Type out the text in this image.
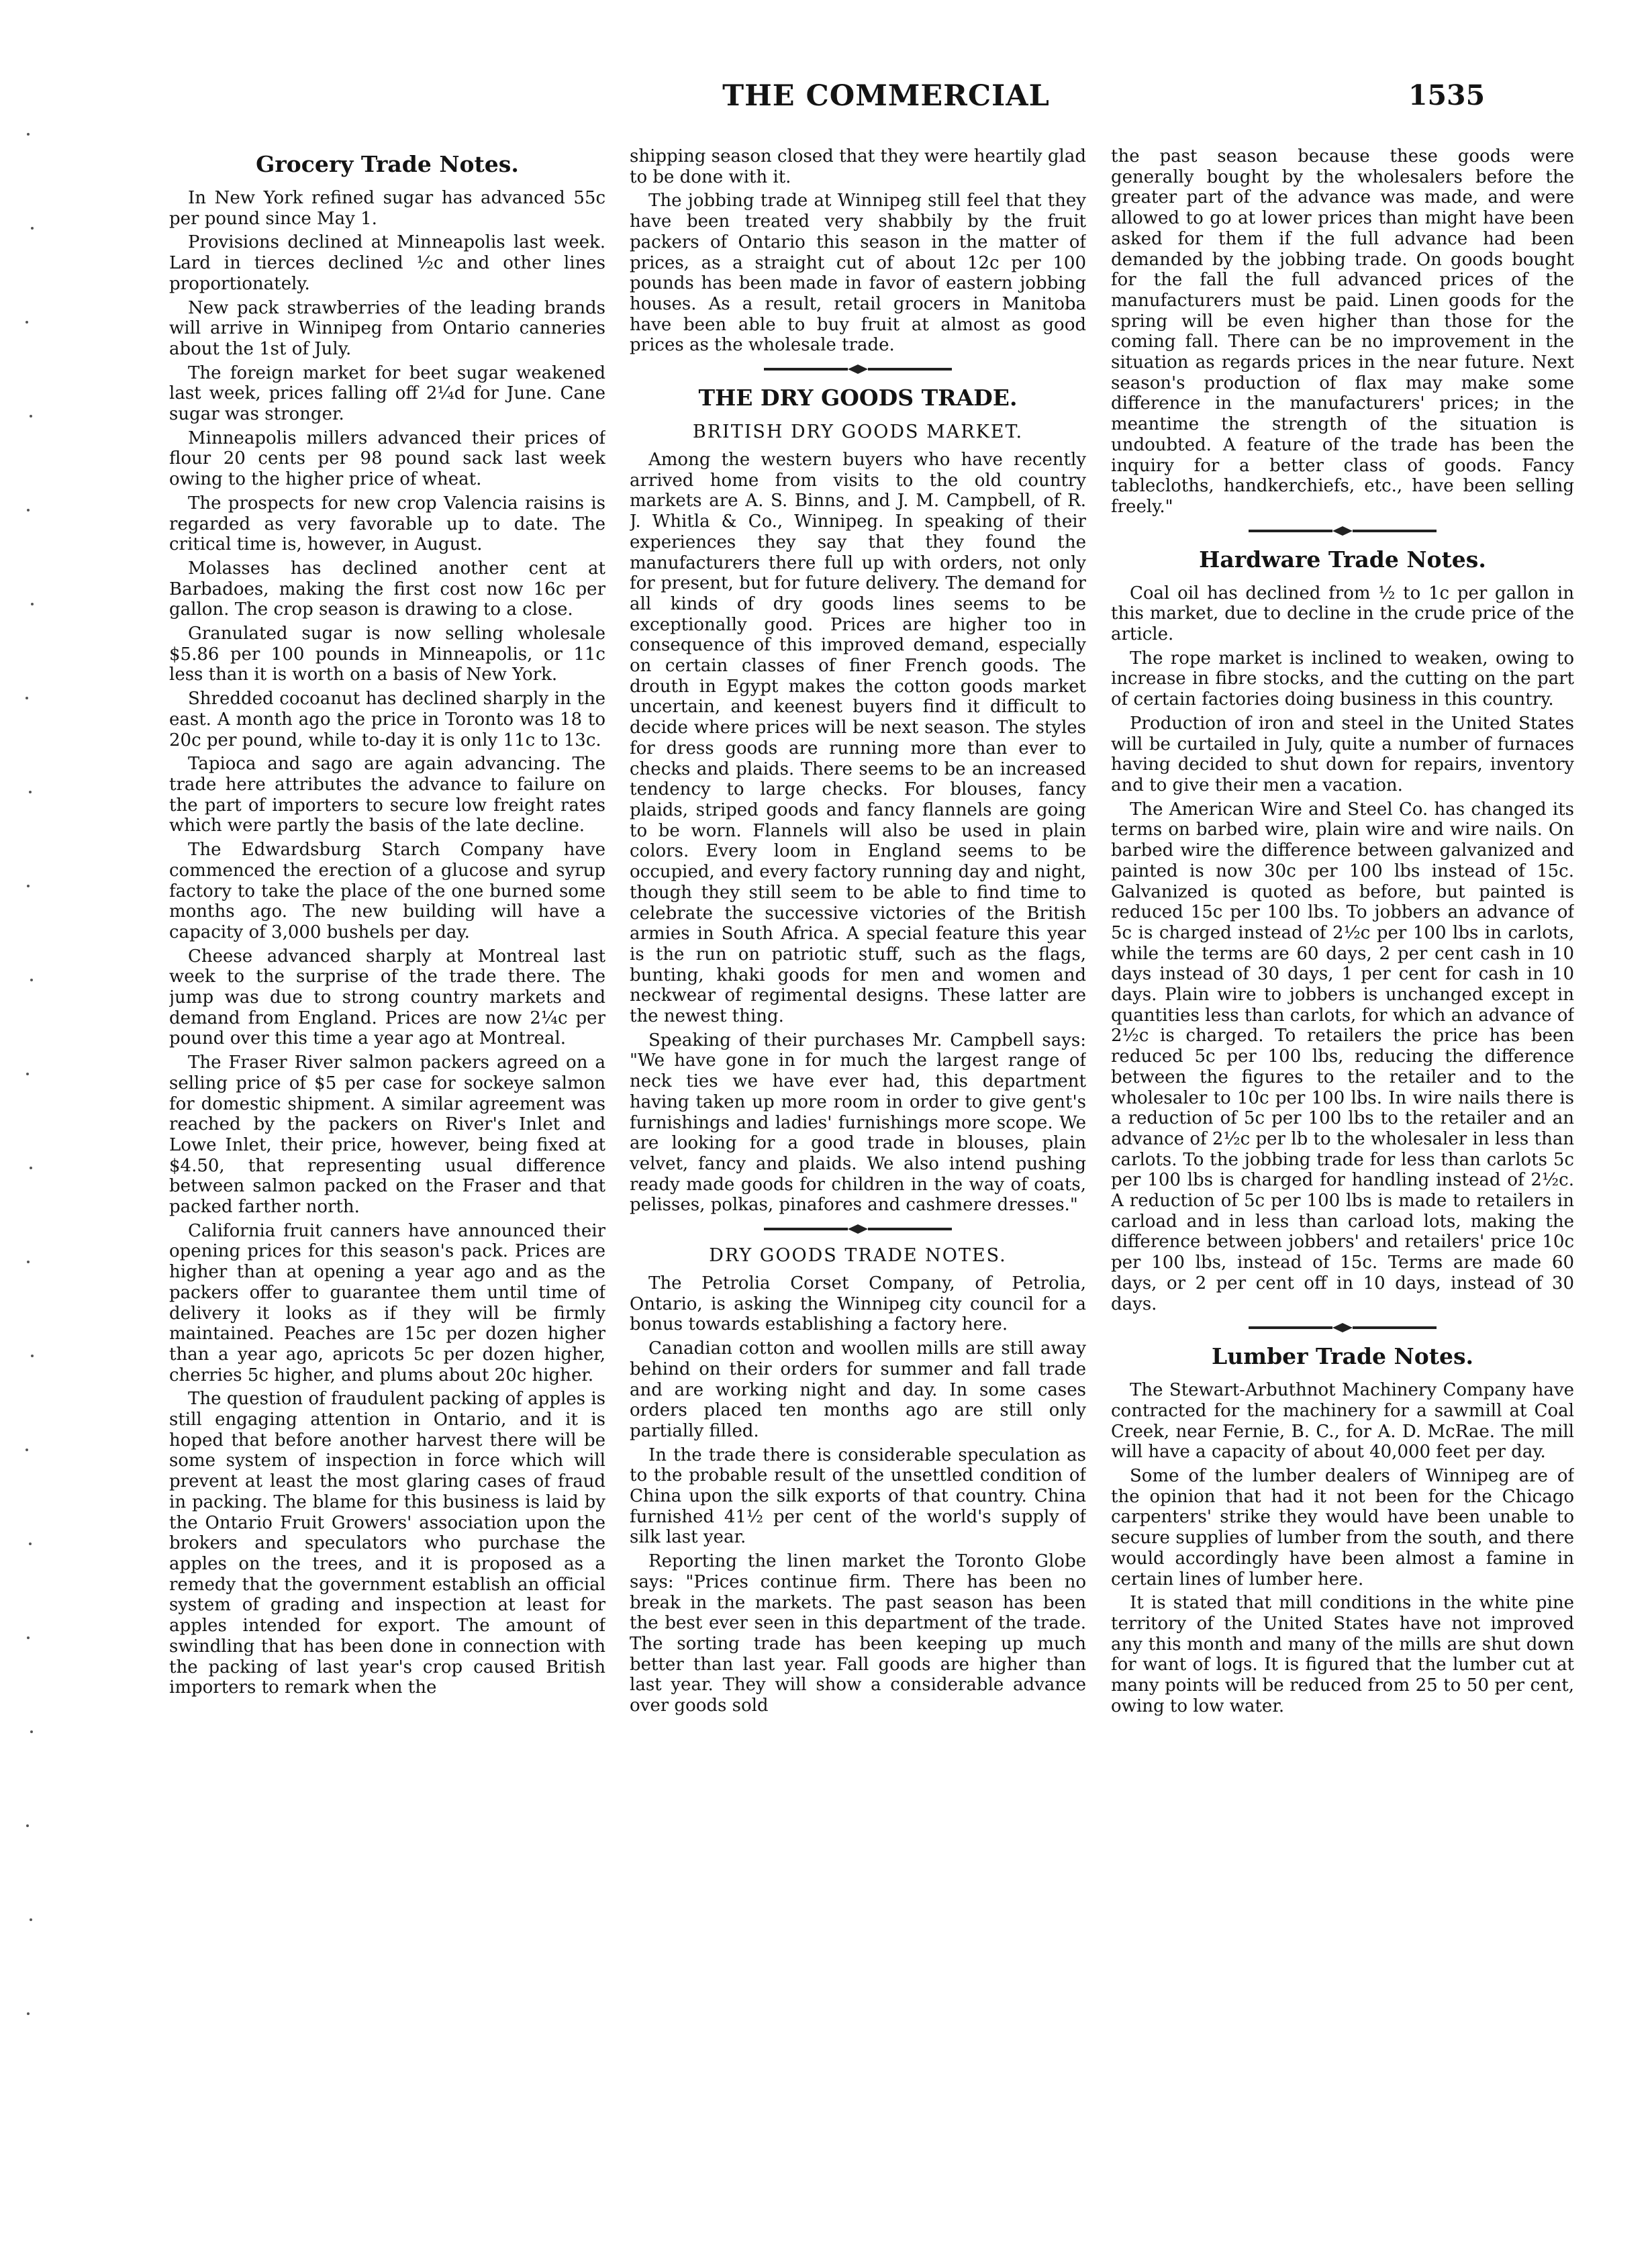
THE COMMERCIAL	1535
Grocery Trade Notes.

In New York refined sugar has advanced 55c per pound since May 1.

Provisions declined at Minneapolis last week. Lard in tierces declined ½c and other lines proportionately.

New pack strawberries of the leading brands will arrive in Winnipeg from Ontario canneries about the 1st of July.

The foreign market for beet sugar weakened last week, prices falling off 2¼d for June. Cane sugar was stronger.

Minneapolis millers advanced their prices of flour 20 cents per 98 pound sack last week owing to the higher price of wheat.

The prospects for new crop Valencia raisins is regarded as very favorable up to date. The critical time is, however, in August.

Molasses has declined another cent at Barbadoes, making the first cost now 16c per gallon. The crop season is drawing to a close.

Granulated sugar is now selling wholesale $5.86 per 100 pounds in Minneapolis, or 11c less than it is worth on a basis of New York.

Shredded cocoanut has declined sharply in the east. A month ago the price in Toronto was 18 to 20c per pound, while to-day it is only 11c to 13c.

Tapioca and sago are again advancing. The trade here attributes the advance to failure on the part of importers to secure low freight rates which were partly the basis of the late decline.

The Edwardsburg Starch Company have commenced the erection of a glucose and syrup factory to take the place of the one burned some months ago. The new building will have a capacity of 3,000 bushels per day.

Cheese advanced sharply at Montreal last week to the surprise of the trade there. The jump was due to strong country markets and demand from England. Prices are now 2¼c per pound over this time a year ago at Montreal.

The Fraser River salmon packers agreed on a selling price of $5 per case for sockeye salmon for domestic shipment. A similar agreement was reached by the packers on River's Inlet and Lowe Inlet, their price, however, being fixed at $4.50, that representing usual difference between salmon packed on the Fraser and that packed farther north.

California fruit canners have announced their opening prices for this season's pack. Prices are higher than at opening a year ago and as the packers offer to guarantee them until time of delivery it looks as if they will be firmly maintained. Peaches are 15c per dozen higher than a year ago, apricots 5c per dozen higher, cherries 5c higher, and plums about 20c higher.

The question of fraudulent packing of apples is still engaging attention in Ontario, and it is hoped that before another harvest there will be some system of inspection in force which will prevent at least the most glaring cases of fraud in packing. The blame for this business is laid by the Ontario Fruit Growers' association upon the brokers and speculators who purchase the apples on the trees, and it is proposed as a remedy that the government establish an official system of grading and inspection at least for apples intended for export. The amount of swindling that has been done in connection with the packing of last year's crop caused British importers to remark when the

shipping season closed that they were heartily glad to be done with it.

The jobbing trade at Winnipeg still feel that they have been treated very shabbily by the fruit packers of Ontario this season in the matter of prices, as a straight cut of about 12c per 100 pounds has been made in favor of eastern jobbing houses. As a result, retail grocers in Manitoba have been able to buy fruit at almost as good prices as the wholesale trade.

THE DRY GOODS TRADE.
BRITISH DRY GOODS MARKET.

Among the western buyers who have recently arrived home from visits to the old country markets are A. S. Binns, and J. M. Campbell, of R. J. Whitla & Co., Winnipeg. In speaking of their experiences they say that they found the manufacturers there full up with orders, not only for present, but for future delivery. The demand for all kinds of dry goods lines seems to be exceptionally good. Prices are higher too in consequence of this improved demand, especially on certain classes of finer French goods. The drouth in Egypt makes the cotton goods market uncertain, and keenest buyers find it difficult to decide where prices will be next season. The styles for dress goods are running more than ever to checks and plaids. There seems to be an increased tendency to large checks. For blouses, fancy plaids, striped goods and fancy flannels are going to be worn. Flannels will also be used in plain colors. Every loom in England seems to be occupied, and every factory running day and night, though they still seem to be able to find time to celebrate the successive victories of the British armies in South Africa. A special feature this year is the run on patriotic stuff, such as the flags, bunting, khaki goods for men and women and neckwear of regimental designs. These latter are the newest thing.

Speaking of their purchases Mr. Campbell says: "We have gone in for much the largest range of neck ties we have ever had, this department having taken up more room in order to give gent's furnishings and ladies' furnishings more scope. We are looking for a good trade in blouses, plain velvet, fancy and plaids. We also intend pushing ready made goods for children in the way of coats, pelisses, polkas, pinafores and cashmere dresses."

DRY GOODS TRADE NOTES.

The Petrolia Corset Company, of Petrolia, Ontario, is asking the Winnipeg city council for a bonus towards establishing a factory here.

Canadian cotton and woollen mills are still away behind on their orders for summer and fall trade and are working night and day. In some cases orders placed ten months ago are still only partially filled.

In the trade there is considerable speculation as to the probable result of the unsettled condition of China upon the silk exports of that country. China furnished 41½ per cent of the world's supply of silk last year.

Reporting the linen market the Toronto Globe says: "Prices continue firm. There has been no break in the markets. The past season has been the best ever seen in this department of the trade. The sorting trade has been keeping up much better than last year. Fall goods are higher than last year. They will show a considerable advance over goods sold

the past season because these goods were generally bought by the wholesalers before the greater part of the advance was made, and were allowed to go at lower prices than might have been asked for them if the full advance had been demanded by the jobbing trade. On goods bought for the fall the full advanced prices of the manufacturers must be paid. Linen goods for the spring will be even higher than those for the coming fall. There can be no improvement in the situation as regards prices in the near future. Next season's production of flax may make some difference in the manufacturers' prices; in the meantime the strength of the situation is undoubted. A feature of the trade has been the inquiry for a better class of goods. Fancy tablecloths, handkerchiefs, etc., have been selling freely."

Hardware Trade Notes.

Coal oil has declined from ½ to 1c per gallon in this market, due to decline in the crude price of the article.

The rope market is inclined to weaken, owing to increase in fibre stocks, and the cutting on the part of certain factories doing business in this country.

Production of iron and steel in the United States will be curtailed in July, quite a number of furnaces having decided to shut down for repairs, inventory and to give their men a vacation.

The American Wire and Steel Co. has changed its terms on barbed wire, plain wire and wire nails. On barbed wire the difference between galvanized and painted is now 30c per 100 lbs instead of 15c. Galvanized is quoted as before, but painted is reduced 15c per 100 lbs. To jobbers an advance of 5c is charged instead of 2½c per 100 lbs in carlots, while the terms are 60 days, 2 per cent cash in 10 days instead of 30 days, 1 per cent for cash in 10 days. Plain wire to jobbers is unchanged except in quantities less than carlots, for which an advance of 2½c is charged. To retailers the price has been reduced 5c per 100 lbs, reducing the difference between the figures to the retailer and to the wholesaler to 10c per 100 lbs. In wire nails there is a reduction of 5c per 100 lbs to the retailer and an advance of 2½c per lb to the wholesaler in less than carlots. To the jobbing trade for less than carlots 5c per 100 lbs is charged for handling instead of 2½c. A reduction of 5c per 100 lbs is made to retailers in carload and in less than carload lots, making the difference between jobbers' and retailers' price 10c per 100 lbs, instead of 15c. Terms are made 60 days, or 2 per cent off in 10 days, instead of 30 days.

Lumber Trade Notes.

The Stewart-Arbuthnot Machinery Company have contracted for the machinery for a sawmill at Coal Creek, near Fernie, B. C., for A. D. McRae. The mill will have a capacity of about 40,000 feet per day.

Some of the lumber dealers of Winnipeg are of the opinion that had it not been for the Chicago carpenters' strike they would have been unable to secure supplies of lumber from the south, and there would accordingly have been almost a famine in certain lines of lumber here.

It is stated that mill conditions in the white pine territory of the United States have not improved any this month and many of the mills are shut down for want of logs. It is figured that the lumber cut at many points will be reduced from 25 to 50 per cent, owing to low water.
